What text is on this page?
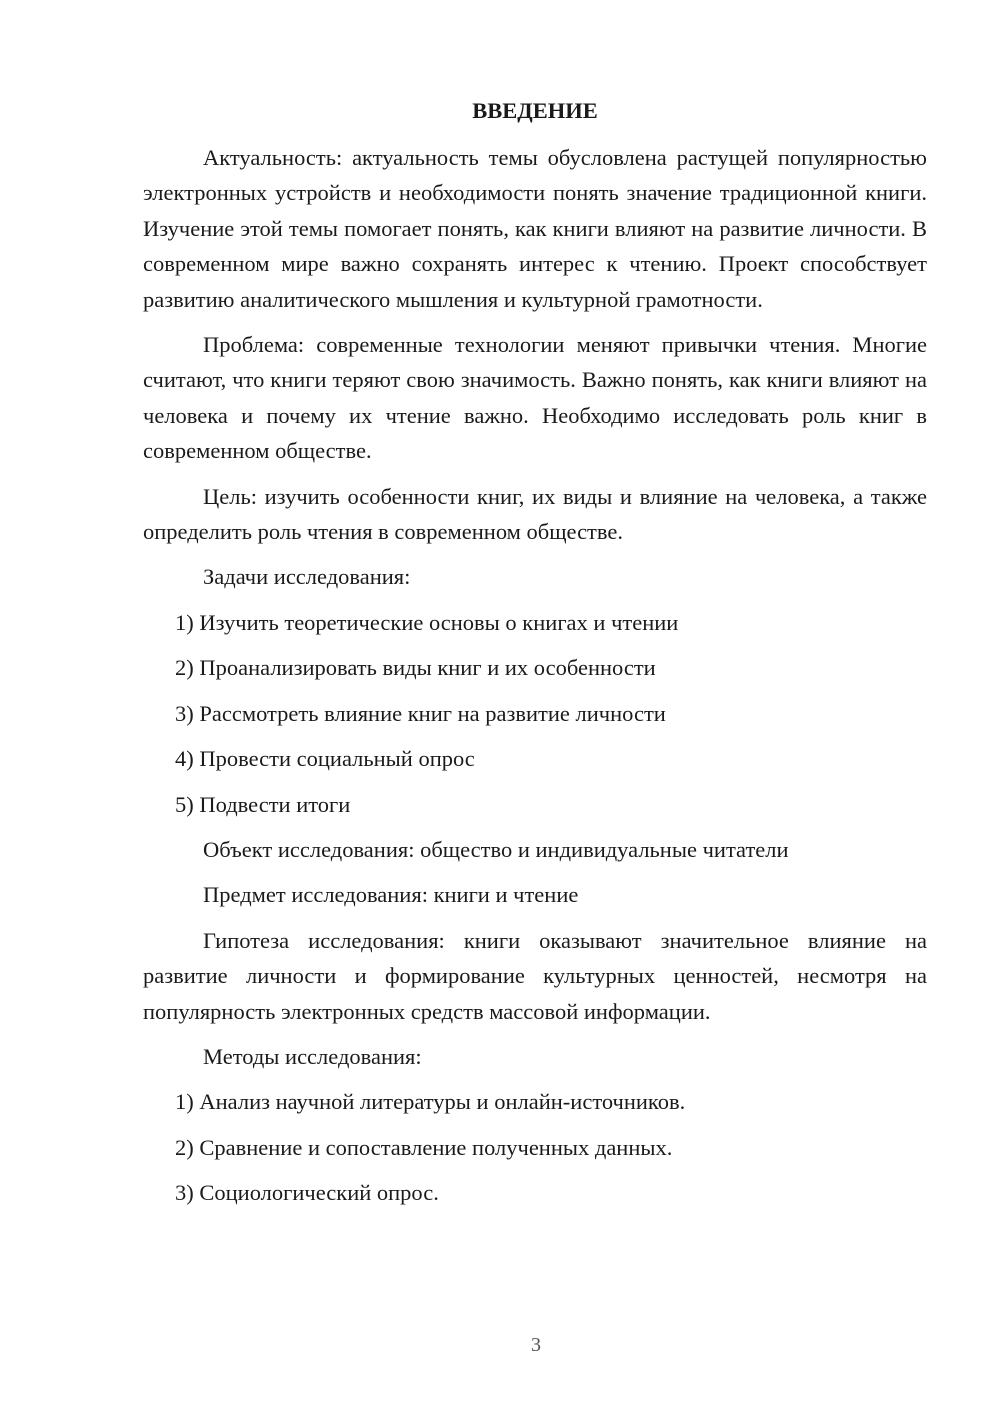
ВВЕДЕНИЕ

Актуальность: актуальность темы обусловлена растущей популярностью электронных устройств и необходимости понять значение традиционной книги. Изучение этой темы помогает понять, как книги влияют на развитие личности. В современном мире важно сохранять интерес к чтению. Проект способствует развитию аналитического мышления и культурной грамотности.

Проблема: современные технологии меняют привычки чтения. Многие считают, что книги теряют свою значимость. Важно понять, как книги влияют на человека и почему их чтение важно. Необходимо исследовать роль книг в современном обществе.

Цель: изучить особенности книг, их виды и влияние на человека, а также определить роль чтения в современном обществе.

Задачи исследования:
1) Изучить теоретические основы о книгах и чтении
2) Проанализировать виды книг и их особенности
3) Рассмотреть влияние книг на развитие личности
4) Провести социальный опрос
5) Подвести итоги
Объект исследования: общество и индивидуальные читатели
Предмет исследования: книги и чтение

Гипотеза исследования: книги оказывают значительное влияние на развитие личности и формирование культурных ценностей, несмотря на популярность электронных средств массовой информации.

Методы исследования:
1) Анализ научной литературы и онлайн-источников.
2) Сравнение и сопоставление полученных данных.
3) Социологический опрос.
3
